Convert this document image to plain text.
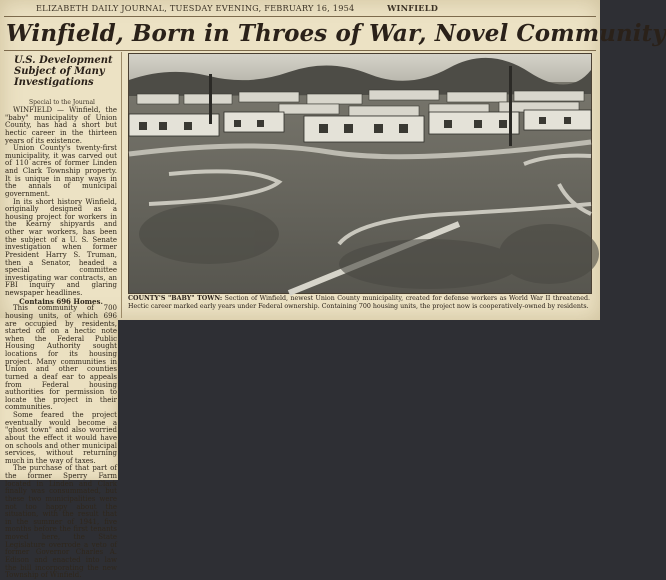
ELIZABETH DAILY JOURNAL, TUESDAY EVENING, FEBRUARY 16, 1954	WINFIELD
Winfield, Born in Throes of War, Novel Community
U.S. Development
Subject of Many
Investigations
Special to the Journal

WINFIELD — Winfield, the "baby" municipality of Union County, has had a short but hectic career in the thirteen years of its existence.

Union County's twenty-first municipality, it was carved out of 110 acres of former Linden and Clark Township property. It is unique in many ways in the annals of municipal government.

In its short history Winfield, originally designed as a housing project for workers in the Kearny shipyards and other war workers, has been the subject of a U. S. Senate investigation when former President Harry S. Truman, then a Senator, headed a special committee investigating war contracts, an FBI inquiry and glaring newspaper headlines.

Contains 696 Homes.

This community of 700 housing units, of which 696 are occupied by residents, started off on a hectic note when the Federal Public Housing Authority sought locations for its housing project. Many communities in Union and other counties turned a deaf ear to appeals from Federal housing authorities for permission to locate the project in their communities.

Some feared the project eventually would become a "ghost town" and also worried about the effect it would have on schools and other municipal services, without returning much in the way of taxes.

The purchase of that part of the former Sperry Farm located in Linden and Clark finally was consummated, but these two municipalities were not too happy about the situation, with the result that in the summer of 1941, five months before the first tenants moved here, the State Legislature overrode a veto of former Governor Charles A. Edison and enacted into law the bill incorporating the new Township of Winfield.

COUNTY'S "BABY" TOWN: Section of Winfield, newest Union County municipality, created for defense workers as World War II threatened. Hectic career marked early years under Federal ownership. Containing 700 housing units, the project now is cooperatively-owned by residents.
